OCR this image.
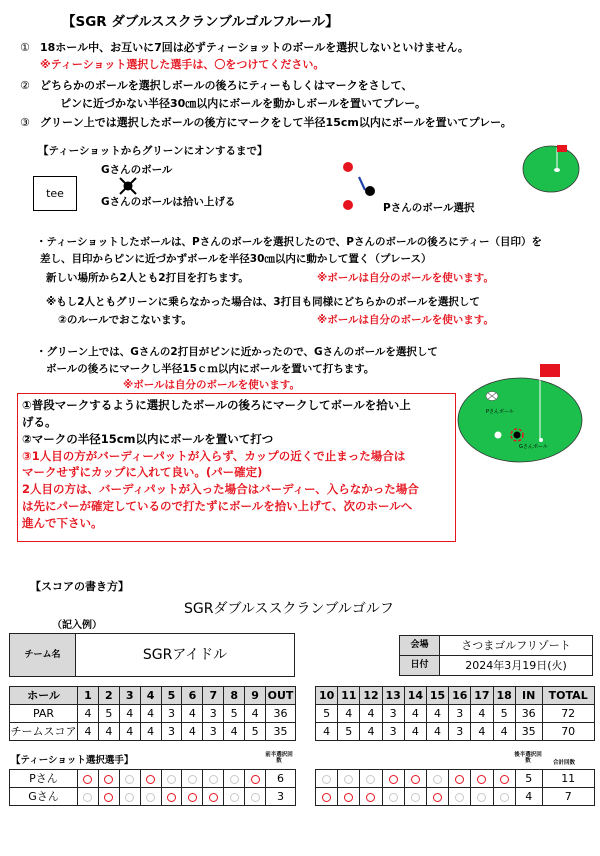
【SGR ダブルススクランブルゴルフルール】
① 18ホール中、お互いに7回は必ずティーショットのボールを選択しないといけません。
※ティーショット選択した選手は、〇をつけてください。
② どちらかのボールを選択しボールの後ろにティーもしくはマークをさして、
ピンに近づかない半径30㎝以内にボールを動かしボールを置いてプレー。
③ グリーン上では選択したボールの後方にマークをして半径15cm以内にボールを置いてプレー。
【ティーショットからグリーンにオンするまで】
tee
Gさんのボール
Gさんのボールは拾い上げる	Pさんのボール選択
・ティーショットしたボールは、Pさんのボールを選択したので、Pさんのボールの後ろにティー（目印）を
差し、目印からピンに近づかずボールを半径30㎝以内に動かして置く（プレース）
新しい場所から2人とも2打目を打ちます。	※ボールは自分のボールを使います。
※もし2人ともグリーンに乗らなかった場合は、3打目も同様にどちらかのボールを選択して
②のルールでおこないます。	※ボールは自分のボールを使います。
・グリーン上では、Gさんの2打目がピンに近かったので、Gさんのボールを選択して
ボールの後ろにマークし半径15ｃｍ以内にボールを置いて打ちます。
※ボールは自分のボールを使います。
Pさんボール
Gさんボール
①普段マークするように選択したボールの後ろにマークしてボールを拾い上
げる。
②マークの半径15cm以内にボールを置いて打つ
③1人目の方がバーディーパットが入らず、カップの近くで止まった場合は
マークせずにカップに入れて良い。(パー確定)
2人目の方は、バーディパットが入った場合はバーディー、入らなかった場合
は先にパーが確定しているので打たずにボールを拾い上げて、次のホールへ
進んで下さい。
【スコアの書き方】
SGRダブルススクランブルゴルフ
（記入例）
チーム名	SGRアイドル
会場	さつまゴルフリゾート
日付	2024年3月19日(火)
ホール	1	2	3	4	5	6	7	8	9	OUT
PAR	4	5	4	4	3	4	3	5	4	36
チームスコア	4	4	4	4	3	4	3	4	5	35
10	11	12	13	14	15	16	17	18	IN	TOTAL
5	4	4	3	4	4	3	4	5	36	72
4	5	4	3	4	4	3	4	4	35	70
【ティーショット選択選手】	前半選択回数
後半選択回数	合計回数
Pさん										6
Gさん										3
									5	11
									4	7
